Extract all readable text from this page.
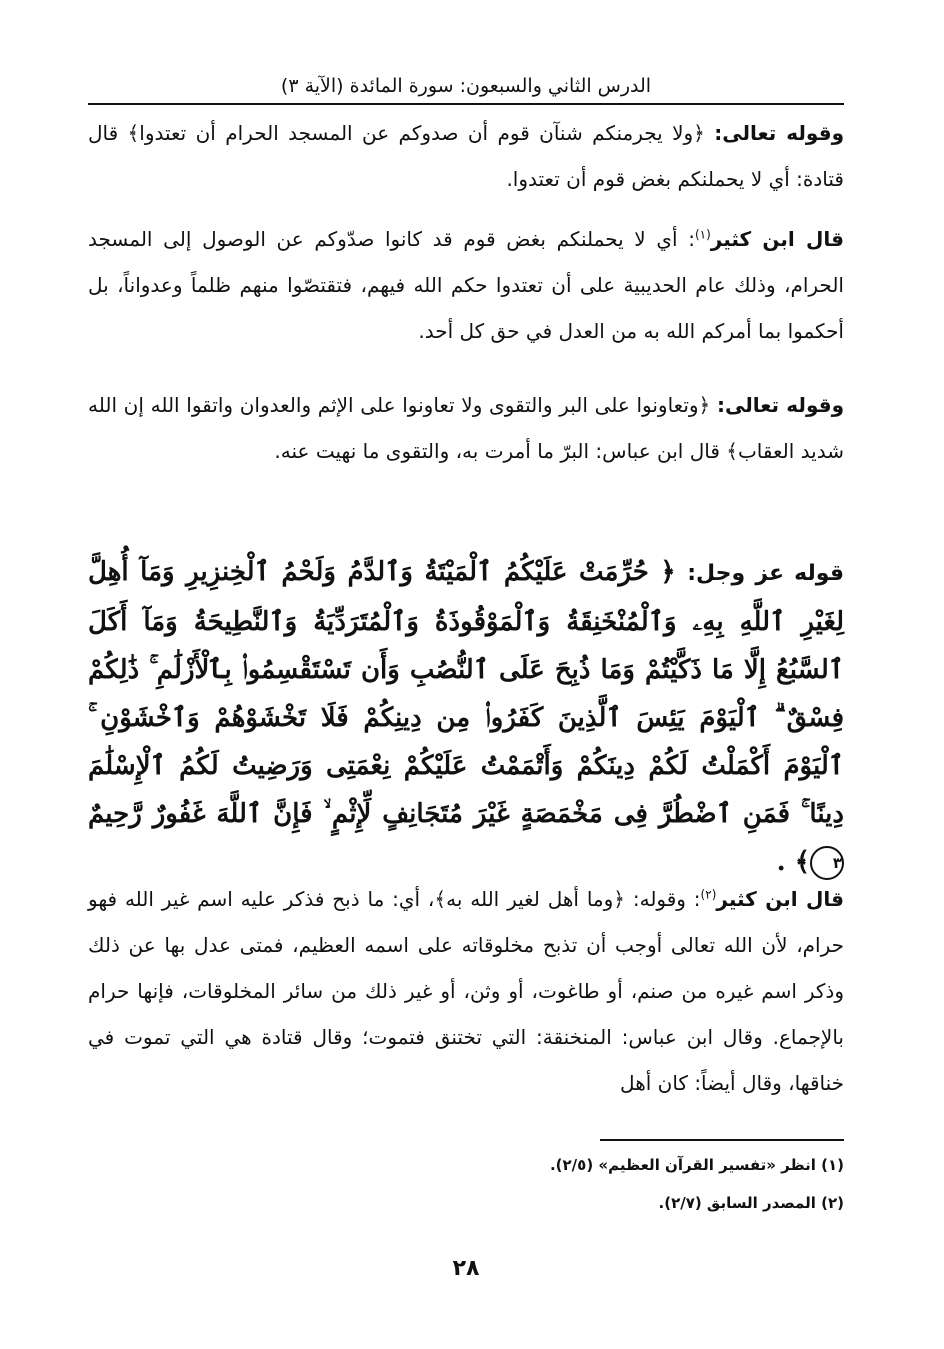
الدرس الثاني والسبعون: سورة المائدة (الآية ٣)

وقوله تعالى: ﴿ولا يجرمنكم شنآن قوم أن صدوكم عن المسجد الحرام أن تعتدوا﴾ قال قتادة: أي لا يحملنكم بغض قوم أن تعتدوا.

قال ابن كثير$^{(١)}$: أي لا يحملنكم بغض قوم قد كانوا صدّوكم عن الوصول إلى المسجد الحرام، وذلك عام الحديبية على أن تعتدوا حكم الله فيهم، فتقتصّوا منهم ظلماً وعدواناً، بل أحكموا بما أمركم الله به من العدل في حق كل أحد.

وقوله تعالى: ﴿وتعاونوا على البر والتقوى ولا تعاونوا على الإثم والعدوان واتقوا الله إن الله شديد العقاب﴾ قال ابن عباس: البرّ ما أمرت به، والتقوى ما نهيت عنه.

قوله عز وجل: ﴿ حُرِّمَتْ عَلَيْكُمُ ٱلْمَيْتَةُ وَٱلدَّمُ وَلَحْمُ ٱلْخِنزِيرِ وَمَآ أُهِلَّ لِغَيْرِ ٱللَّهِ بِهِۦ وَٱلْمُنْخَنِقَةُ وَٱلْمَوْقُوذَةُ وَٱلْمُتَرَدِّيَةُ وَٱلنَّطِيحَةُ وَمَآ أَكَلَ ٱلسَّبُعُ إِلَّا مَا ذَكَّيْتُمْ وَمَا ذُبِحَ عَلَى ٱلنُّصُبِ وَأَن تَسْتَقْسِمُوا۟ بِٱلْأَزْلَٰمِ ۚ ذَٰلِكُمْ فِسْقٌ ۗ ٱلْيَوْمَ يَئِسَ ٱلَّذِينَ كَفَرُوا۟ مِن دِينِكُمْ فَلَا تَخْشَوْهُمْ وَٱخْشَوْنِ ۚ ٱلْيَوْمَ أَكْمَلْتُ لَكُمْ دِينَكُمْ وَأَتْمَمْتُ عَلَيْكُمْ نِعْمَتِى وَرَضِيتُ لَكُمُ ٱلْإِسْلَٰمَ دِينًا ۚ فَمَنِ ٱضْطُرَّ فِى مَخْمَصَةٍ غَيْرَ مُتَجَانِفٍ لِّإِثْمٍ ۙ فَإِنَّ ٱللَّهَ غَفُورٌ رَّحِيمٌ ٣﴾ .

قال ابن كثير$^{(٢)}$: وقوله: ﴿وما أهل لغير الله به﴾، أي: ما ذبح فذكر عليه اسم غير الله فهو حرام، لأن الله تعالى أوجب أن تذبح مخلوقاته على اسمه العظيم، فمتى عدل بها عن ذلك وذكر اسم غيره من صنم، أو طاغوت، أو وثن، أو غير ذلك من سائر المخلوقات، فإنها حرام بالإجماع. وقال ابن عباس: المنخنقة: التي تختنق فتموت؛ وقال قتادة هي التي تموت في خناقها، وقال أيضاً: كان أهل

(١) انظر «تفسير القرآن العظيم» (٢/٥).

(٢) المصدر السابق (٢/٧).

٢٨
